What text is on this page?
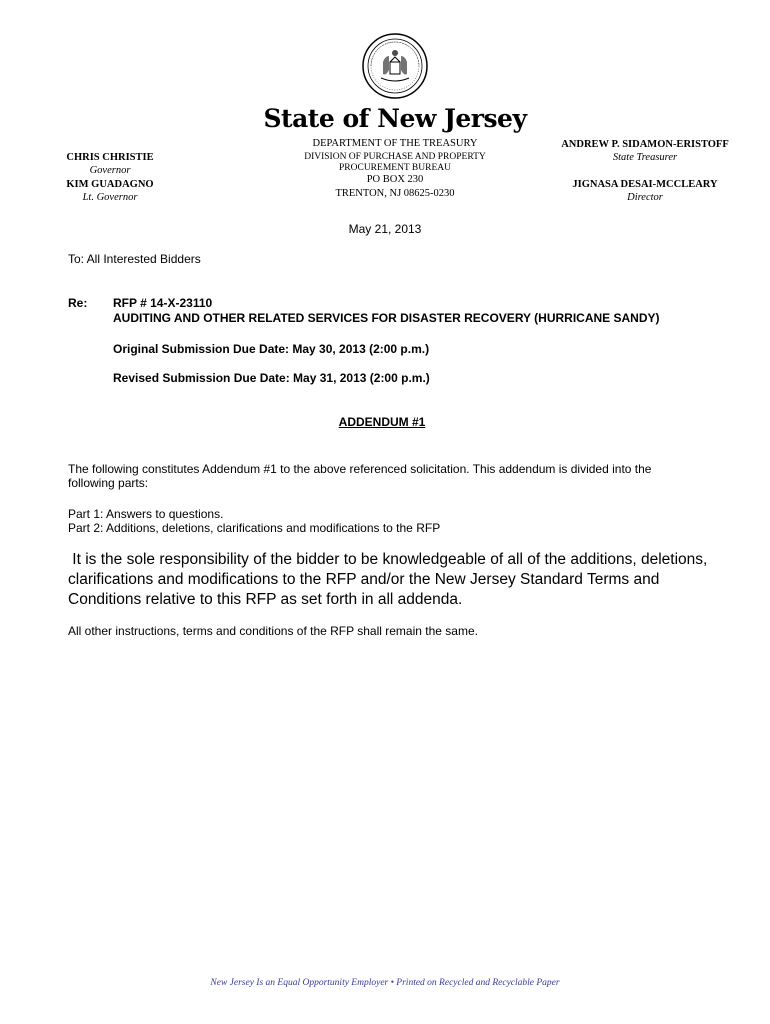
State of New Jersey
DEPARTMENT OF THE TREASURY
DIVISION OF PURCHASE AND PROPERTY
PROCUREMENT BUREAU
PO BOX 230
TRENTON, NJ 08625-0230
CHRIS CHRISTIE
Governor
KIM GUADAGNO
Lt. Governor
ANDREW P. SIDAMON-ERISTOFF
State Treasurer
JIGNASA DESAI-MCCLEARY
Director
May 21, 2013
To: All Interested Bidders
Re: RFP # 14-X-23110
AUDITING AND OTHER RELATED SERVICES FOR DISASTER RECOVERY (HURRICANE SANDY)
Original Submission Due Date: May 30, 2013 (2:00 p.m.)
Revised Submission Due Date: May 31, 2013 (2:00 p.m.)
ADDENDUM #1
The following constitutes Addendum #1 to the above referenced solicitation. This addendum is divided into the
following parts:
Part 1: Answers to questions.
Part 2: Additions, deletions, clarifications and modifications to the RFP
It is the sole responsibility of the bidder to be knowledgeable of all of the additions, deletions,
clarifications and modifications to the RFP and/or the New Jersey Standard Terms and
Conditions relative to this RFP as set forth in all addenda.
All other instructions, terms and conditions of the RFP shall remain the same.
New Jersey Is an Equal Opportunity Employer • Printed on Recycled and Recyclable Paper
